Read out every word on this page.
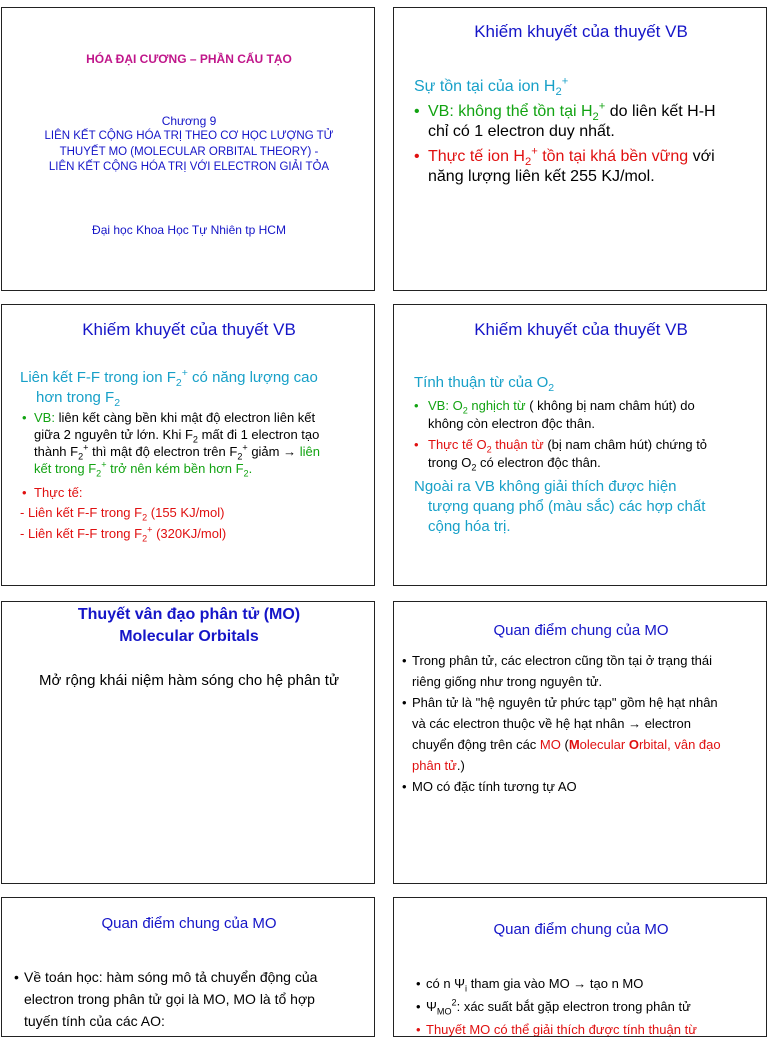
HÓA ĐẠI CƯƠNG – PHẦN CẤU TẠO
Chương 9
LIÊN KẾT CỘNG HÓA TRỊ THEO CƠ HỌC LƯỢNG TỬ
THUYẾT MO (MOLECULAR ORBITAL THEORY) -
LIÊN KẾT CỘNG HÓA TRỊ VỚI ELECTRON GIẢI TỎA
Đại học Khoa Học Tự Nhiên tp HCM
Khiếm khuyết của thuyết VB
Sự tồn tại của ion $H_2^+$
• VB: không thể tồn tại $H_2^+$ do liên kết H-H
chỉ có 1 electron duy nhất.
• Thực tế ion $H_2^+$ tồn tại khá bền vững với
năng lượng liên kết 255 KJ/mol.
Khiếm khuyết của thuyết VB
Liên kết F-F trong ion $F_2^+$ có năng lượng cao
hơn trong $F_2$
• VB: liên kết càng bền khi mật độ electron liên kết
giữa 2 nguyên tử lớn. Khi $F_2$ mất đi 1 electron tạo
thành $F_2^+$ thì mật độ electron trên $F_2^+$ giảm → liên
kết trong $F_2^+$ trở nên kém bền hơn $F_2$.
• Thực tế:
- Liên kết F-F trong $F_2$ (155 KJ/mol)
- Liên kết F-F trong $F_2^+$ (320KJ/mol)
Khiếm khuyết của thuyết VB
Tính thuận từ của $O_2$
• VB: $O_2$ nghịch từ ( không bị nam châm hút) do
không còn electron độc thân.
• Thực tế $O_2$ thuận từ (bị nam châm hút) chứng tỏ
trong $O_2$ có electron độc thân.
Ngoài ra VB không giải thích được hiện
tượng quang phổ (màu sắc) các hợp chất
cộng hóa trị.
Thuyết vân đạo phân tử (MO)
Molecular Orbitals
Mở rộng khái niệm hàm sóng cho hệ phân tử
Quan điểm chung của MO
• Trong phân tử, các electron cũng tồn tại ở trạng thái
riêng giống như trong nguyên tử.
• Phân tử là "hệ nguyên tử phức tạp" gồm hệ hạt nhân
và các electron thuộc về hệ hạt nhân → electron
chuyển động trên các MO (Molecular Orbital, vân đạo
phân tử.)
• MO có đặc tính tương tự AO
Quan điểm chung của MO
• Về toán học: hàm sóng mô tả chuyển động của
electron trong phân tử gọi là MO, MO là tổ hợp
tuyến tính của các AO:
Quan điểm chung của MO
• có n $\Psi_i$ tham gia vào MO → tạo n MO
• $\Psi_{MO}^2$: xác suất bắt gặp electron trong phân tử
• Thuyết MO có thể giải thích được tính thuận từ
